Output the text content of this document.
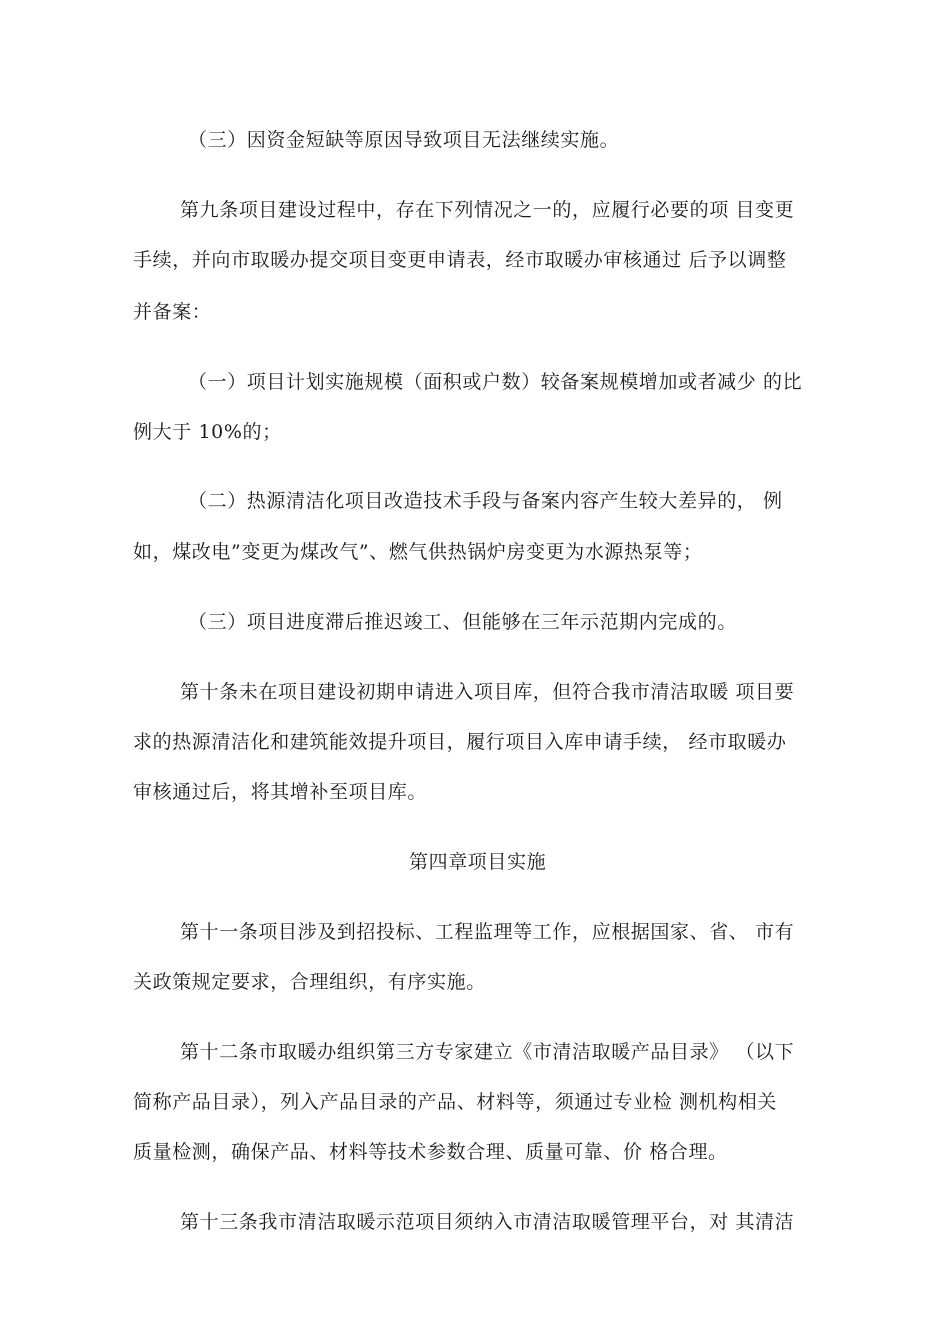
（三）因资金短缺等原因导致项目无法继续实施。
第九条项目建设过程中，存在下列情况之一的，应履行必要的项 目变更
手续，并向市取暖办提交项目变更申请表，经市取暖办审核通过 后予以调整
并备案：
（一）项目计划实施规模（面积或户数）较备案规模增加或者减少 的比
例大于 10%的；
（二）热源清洁化项目改造技术手段与备案内容产生较大差异的， 例
如，煤改电”变更为煤改气”、燃气供热锅炉房变更为水源热泵等；
（三）项目进度滞后推迟竣工、但能够在三年示范期内完成的。
第十条未在项目建设初期申请进入项目库，但符合我市清洁取暖 项目要
求的热源清洁化和建筑能效提升项目，履行项目入库申请手续， 经市取暖办
审核通过后，将其增补至项目库。
第四章项目实施
第十一条项目涉及到招投标、工程监理等工作，应根据国家、省、 市有
关政策规定要求，合理组织，有序实施。
第十二条市取暖办组织第三方专家建立《市清洁取暖产品目录》 （以下
简称产品目录），列入产品目录的产品、材料等，须通过专业检 测机构相关
质量检测，确保产品、材料等技术参数合理、质量可靠、价 格合理。
第十三条我市清洁取暖示范项目须纳入市清洁取暖管理平台，对 其清洁
